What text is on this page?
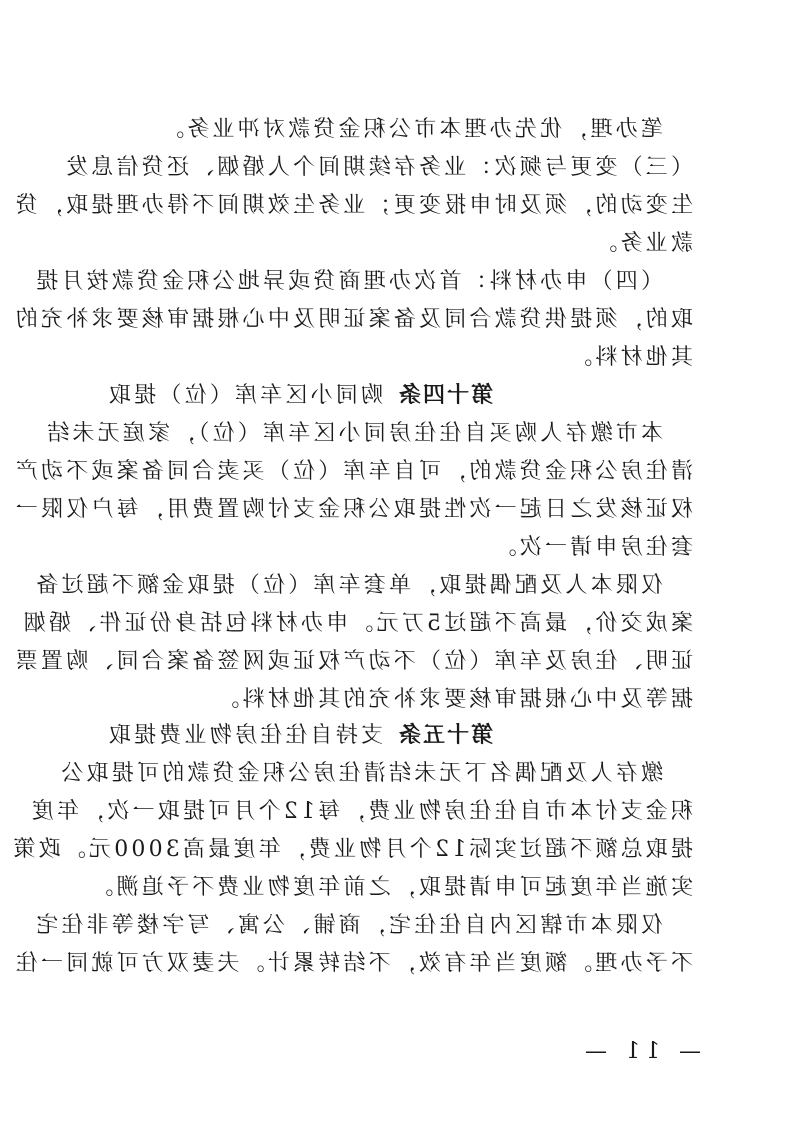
笔办理，优先办理本市公积金贷款对冲业务。
（三）变更与频次：业务存续期间个人婚姻、还贷信息发
生变动的，须及时申报变更；业务生效期间不得办理提取，贷
款业务。
（四）申办材料：首次办理商贷或异地公积金贷款按月提
取的，须提供贷款合同及备案证明及中心根据审核要求补充的
其他材料。
第十四条购同小区车库（位）提取
本市缴存人购买自住住房同小区车库（位），家庭无未结
清住房公积金贷款的，可自车库（位）买卖合同备案或不动产
权证核发之日起一次性提取公积金支付购置费用，每户仅限一
套住房申请一次。
仅限本人及配偶提取，单套车库（位）提取金额不超过备
案成交价，最高不超过5万元。申办材料包括身份证件、婚姻
证明、住房及车库（位）不动产权证或网签备案合同、购置票
据等及中心根据审核要求补充的其他材料。
第十五条支持自住住房物业费提取
缴存人及配偶名下无未结清住房公积金贷款的可提取公
积金支付本市自住住房物业费，每12个月可提取一次，年度
提取总额不超过实际12个月物业费，年度最高3000元。政策
实施当年度起可申请提取，之前年度物业费不予追溯。
仅限本市辖区内自住住宅，商铺、公寓、写字楼等非住宅
不予办理。额度当年有效，不结转累计。夫妻双方可就同一住
— 11 —
